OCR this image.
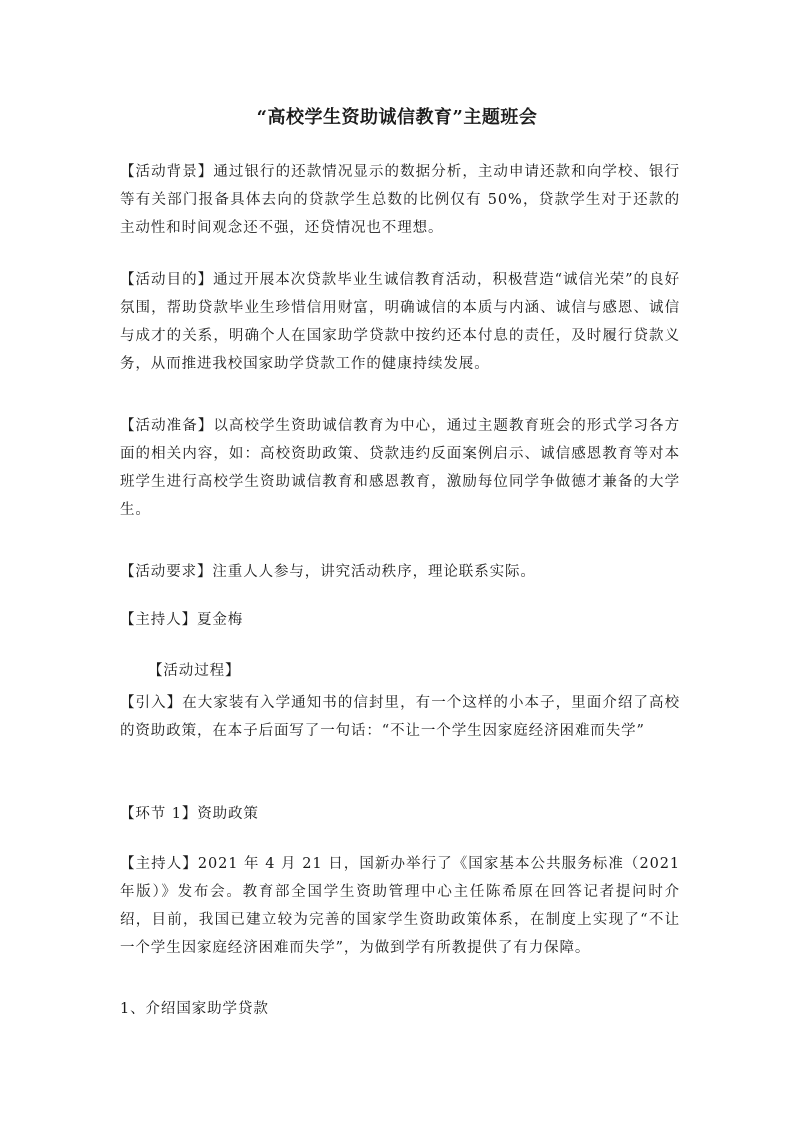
“高校学生资助诚信教育”主题班会
【活动背景】通过银行的还款情况显示的数据分析，主动申请还款和向学校、银行等有关部门报备具体去向的贷款学生总数的比例仅有 50%，贷款学生对于还款的主动性和时间观念还不强，还贷情况也不理想。
【活动目的】通过开展本次贷款毕业生诚信教育活动，积极营造“诚信光荣”的良好氛围，帮助贷款毕业生珍惜信用财富，明确诚信的本质与内涵、诚信与感恩、诚信与成才的关系，明确个人在国家助学贷款中按约还本付息的责任，及时履行贷款义务，从而推进我校国家助学贷款工作的健康持续发展。
【活动准备】以高校学生资助诚信教育为中心，通过主题教育班会的形式学习各方面的相关内容，如：高校资助政策、贷款违约反面案例启示、诚信感恩教育等对本班学生进行高校学生资助诚信教育和感恩教育，激励每位同学争做德才兼备的大学生。
【活动要求】注重人人参与，讲究活动秩序，理论联系实际。
【主持人】夏金梅
【活动过程】
【引入】在大家装有入学通知书的信封里，有一个这样的小本子，里面介绍了高校的资助政策，在本子后面写了一句话：“不让一个学生因家庭经济困难而失学”
【环节 1】资助政策
【主持人】2021 年 4 月 21 日，国新办举行了《国家基本公共服务标准（2021 年版）》发布会。教育部全国学生资助管理中心主任陈希原在回答记者提问时介绍，目前，我国已建立较为完善的国家学生资助政策体系，在制度上实现了“不让一个学生因家庭经济困难而失学”，为做到学有所教提供了有力保障。
1、介绍国家助学贷款
